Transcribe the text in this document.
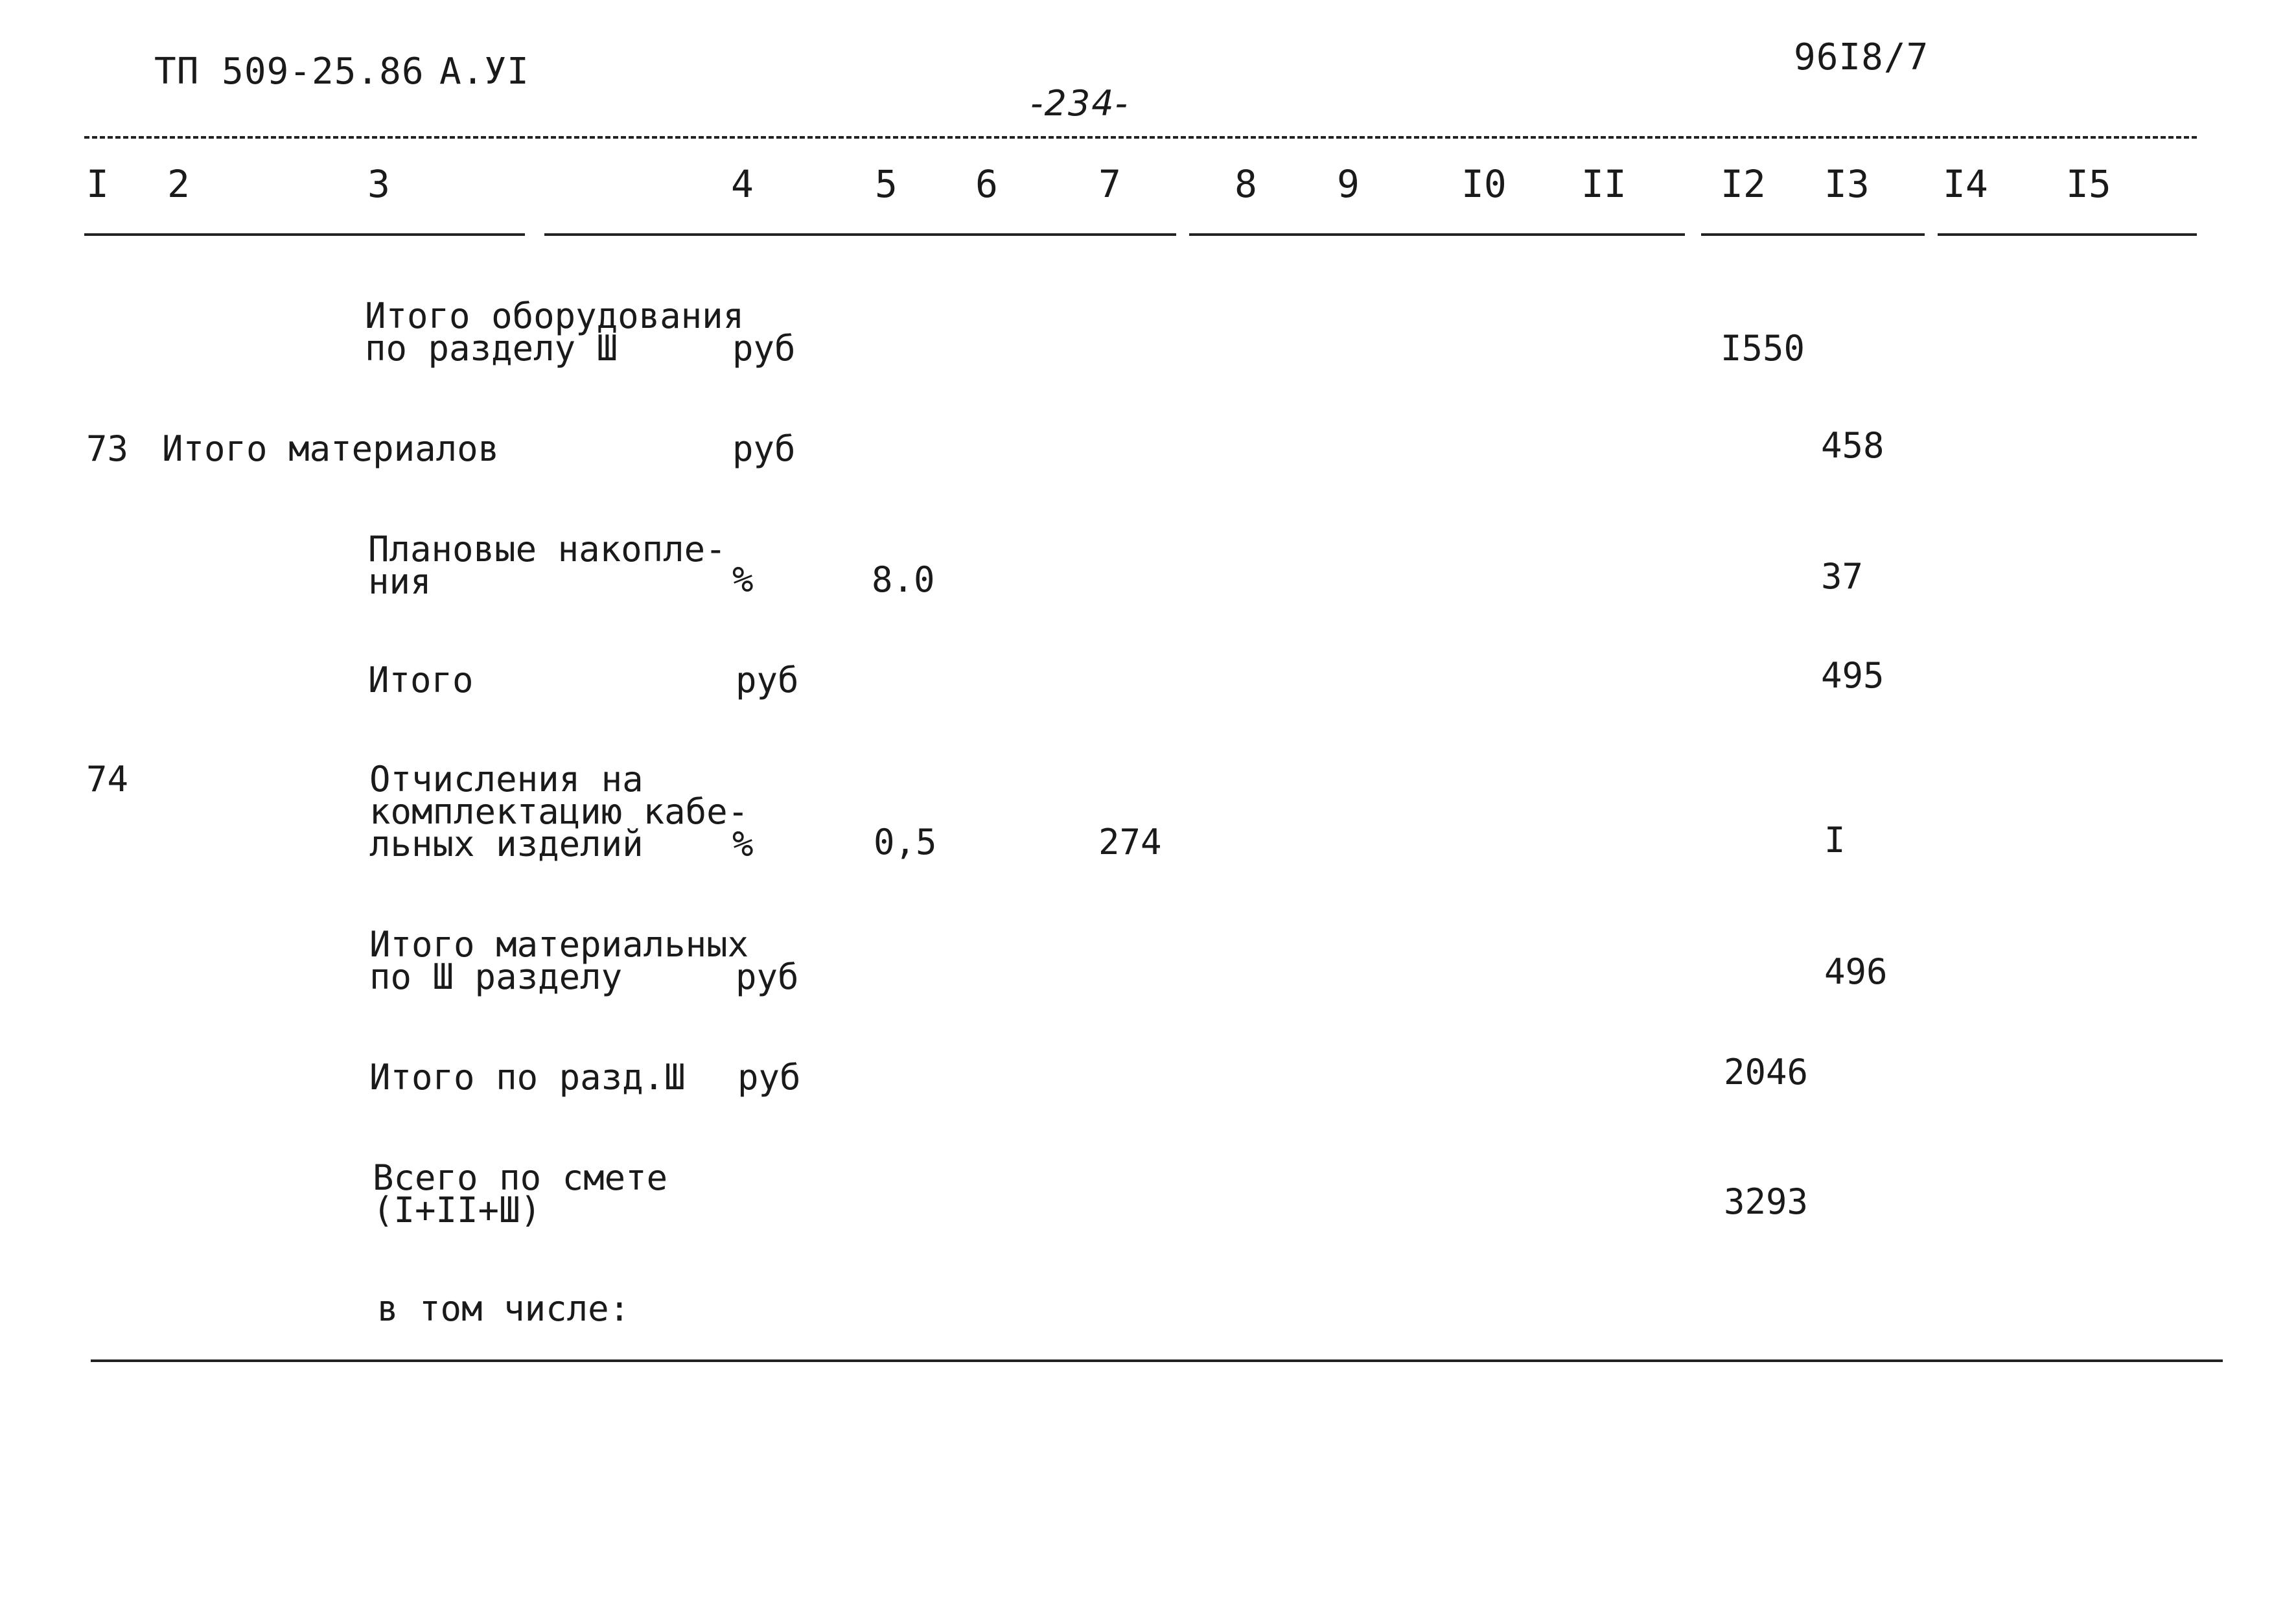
ТП 509-25.86 А.УI
-234-
96I8/7
I 2	3	4	5 6	7	8 9	I0 II	I2 I3 I4 I5
Итого оборудования
по разделу Ш	руб	I550
73 Итого материалов	руб	458
Плановые накопле-
ния	%	8.0	37
Итого	руб	495
74	Отчисления на
комплектацию кабе-
льных изделий	%	0,5	274	I
Итого материальных
по Ш разделу	руб	496
Итого по разд.Ш руб	2046
Всего по смете
(I+II+Ш)	3293
в том числе:
